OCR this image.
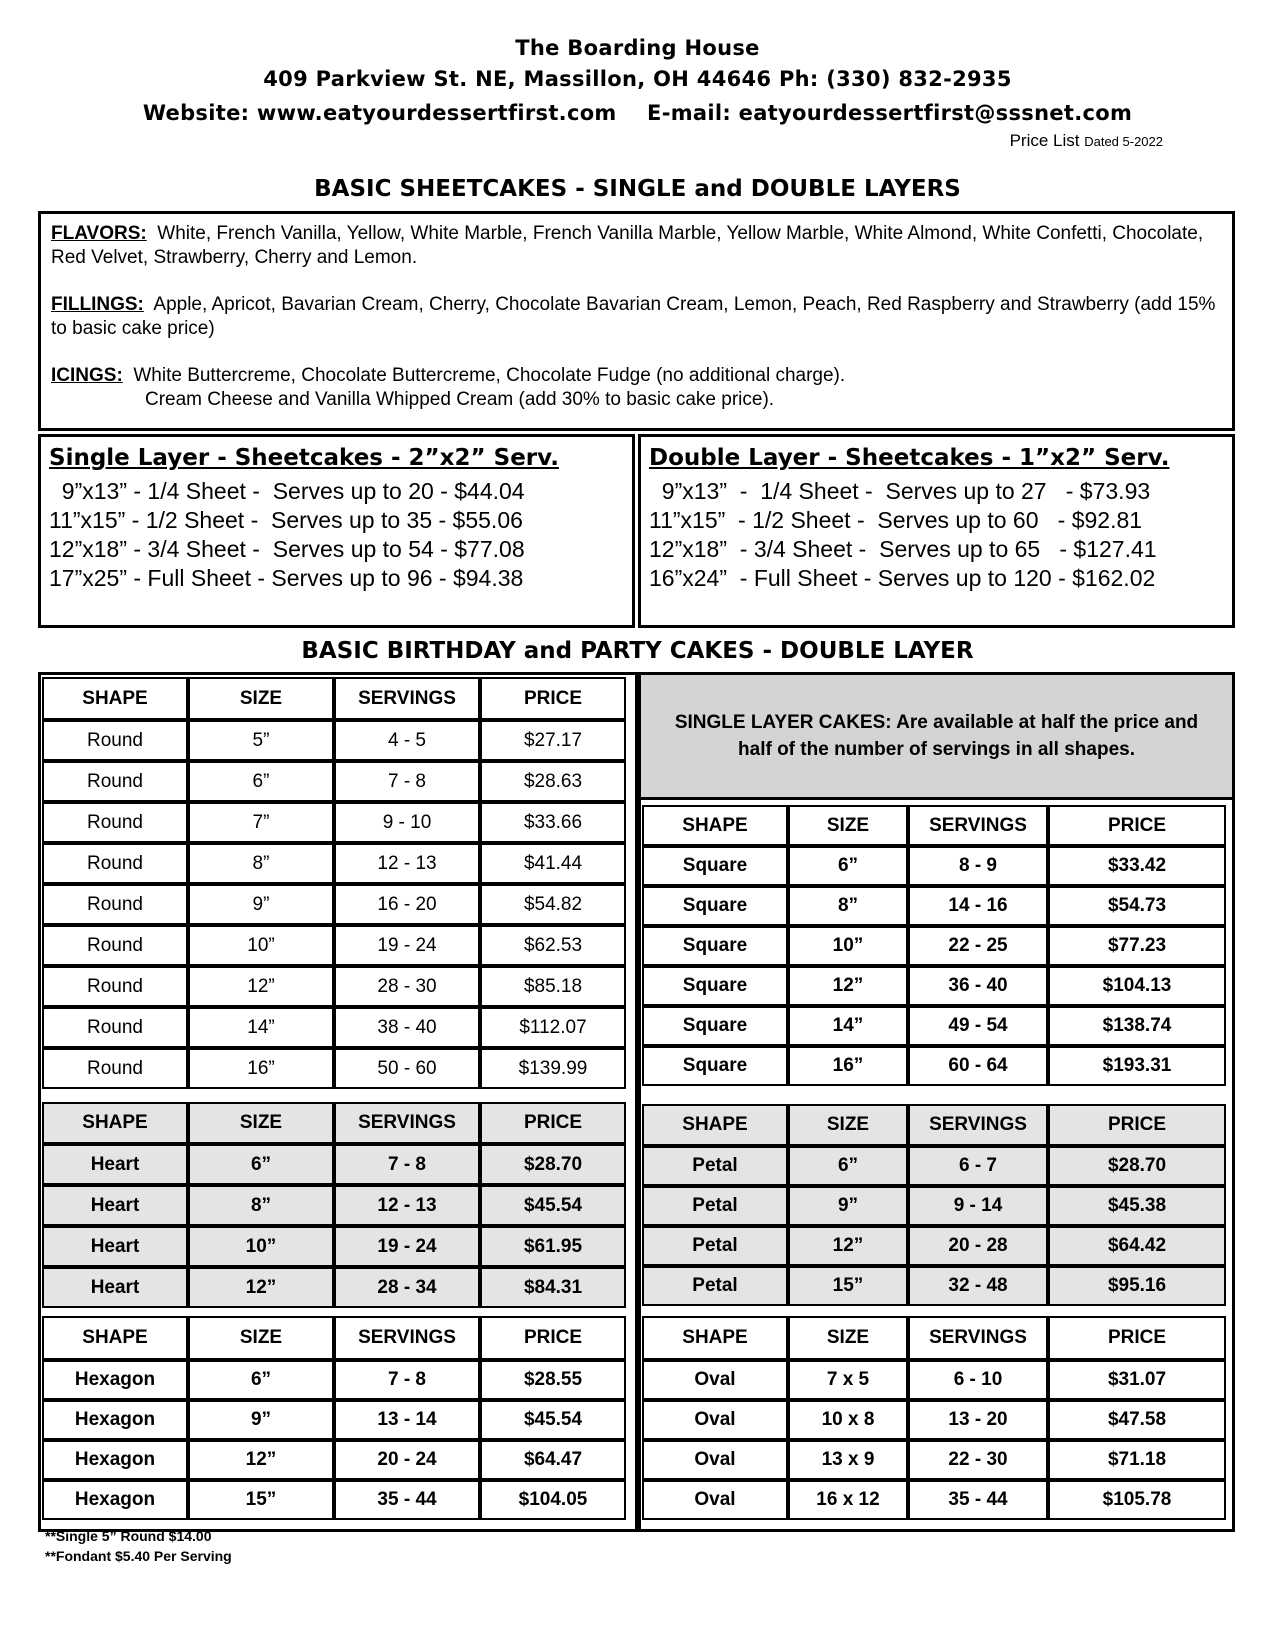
The Boarding House
409 Parkview St. NE, Massillon, OH 44646 Ph: (330) 832-2935
Website: www.eatyourdessertfirst.com    E-mail: eatyourdessertfirst@sssnet.com
Price List Dated 5-2022
BASIC SHEETCAKES - SINGLE and DOUBLE LAYERS

FLAVORS: White, French Vanilla, Yellow, White Marble, French Vanilla Marble, Yellow Marble, White Almond, White Confetti, Chocolate, Red Velvet, Strawberry, Cherry and Lemon.

FILLINGS: Apple, Apricot, Bavarian Cream, Cherry, Chocolate Bavarian Cream, Lemon, Peach, Red Raspberry and Strawberry (add 15% to basic cake price)

ICINGS: White Buttercreme, Chocolate Buttercreme, Chocolate Fudge (no additional charge).
Cream Cheese and Vanilla Whipped Cream (add 30% to basic cake price).

Single Layer - Sheetcakes - 2”x2” Serv.
9”x13” - 1/4 Sheet -  Serves up to 20 - $44.04
11”x15” - 1/2 Sheet -  Serves up to 35 - $55.06
12”x18” - 3/4 Sheet -  Serves up to 54 - $77.08
17”x25” - Full Sheet - Serves up to 96 - $94.38
Double Layer - Sheetcakes - 1”x2” Serv.
9”x13”  -  1/4 Sheet -  Serves up to 27   - $73.93
11”x15”  - 1/2 Sheet -  Serves up to 60   - $92.81
12”x18”  - 3/4 Sheet -  Serves up to 65   - $127.41
16”x24”  - Full Sheet - Serves up to 120 - $162.02
BASIC BIRTHDAY and PARTY CAKES - DOUBLE LAYER
SINGLE LAYER CAKES: Are available at half the price and half of the number of servings in all shapes.
SHAPE	SIZE	SERVINGS	PRICE
Round	5”	4 - 5	$27.17
Round	6”	7 - 8	$28.63
Round	7”	9 - 10	$33.66
Round	8”	12 - 13	$41.44
Round	9”	16 - 20	$54.82
Round	10”	19 - 24	$62.53
Round	12”	28 - 30	$85.18
Round	14”	38 - 40	$112.07
Round	16”	50 - 60	$139.99
SHAPE	SIZE	SERVINGS	PRICE
Square	6”	8 - 9	$33.42
Square	8”	14 - 16	$54.73
Square	10”	22 - 25	$77.23
Square	12”	36 - 40	$104.13
Square	14”	49 - 54	$138.74
Square	16”	60 - 64	$193.31
SHAPE	SIZE	SERVINGS	PRICE
Heart	6”	7 - 8	$28.70
Heart	8”	12 - 13	$45.54
Heart	10”	19 - 24	$61.95
Heart	12”	28 - 34	$84.31
SHAPE	SIZE	SERVINGS	PRICE
Petal	6”	6 - 7	$28.70
Petal	9”	9 - 14	$45.38
Petal	12”	20 - 28	$64.42
Petal	15”	32 - 48	$95.16
SHAPE	SIZE	SERVINGS	PRICE
Hexagon	6”	7 - 8	$28.55
Hexagon	9”	13 - 14	$45.54
Hexagon	12”	20 - 24	$64.47
Hexagon	15”	35 - 44	$104.05
SHAPE	SIZE	SERVINGS	PRICE
Oval	7 x 5	6 - 10	$31.07
Oval	10 x 8	13 - 20	$47.58
Oval	13 x 9	22 - 30	$71.18
Oval	16 x 12	35 - 44	$105.78
**Single 5” Round $14.00
**Fondant $5.40 Per Serving
